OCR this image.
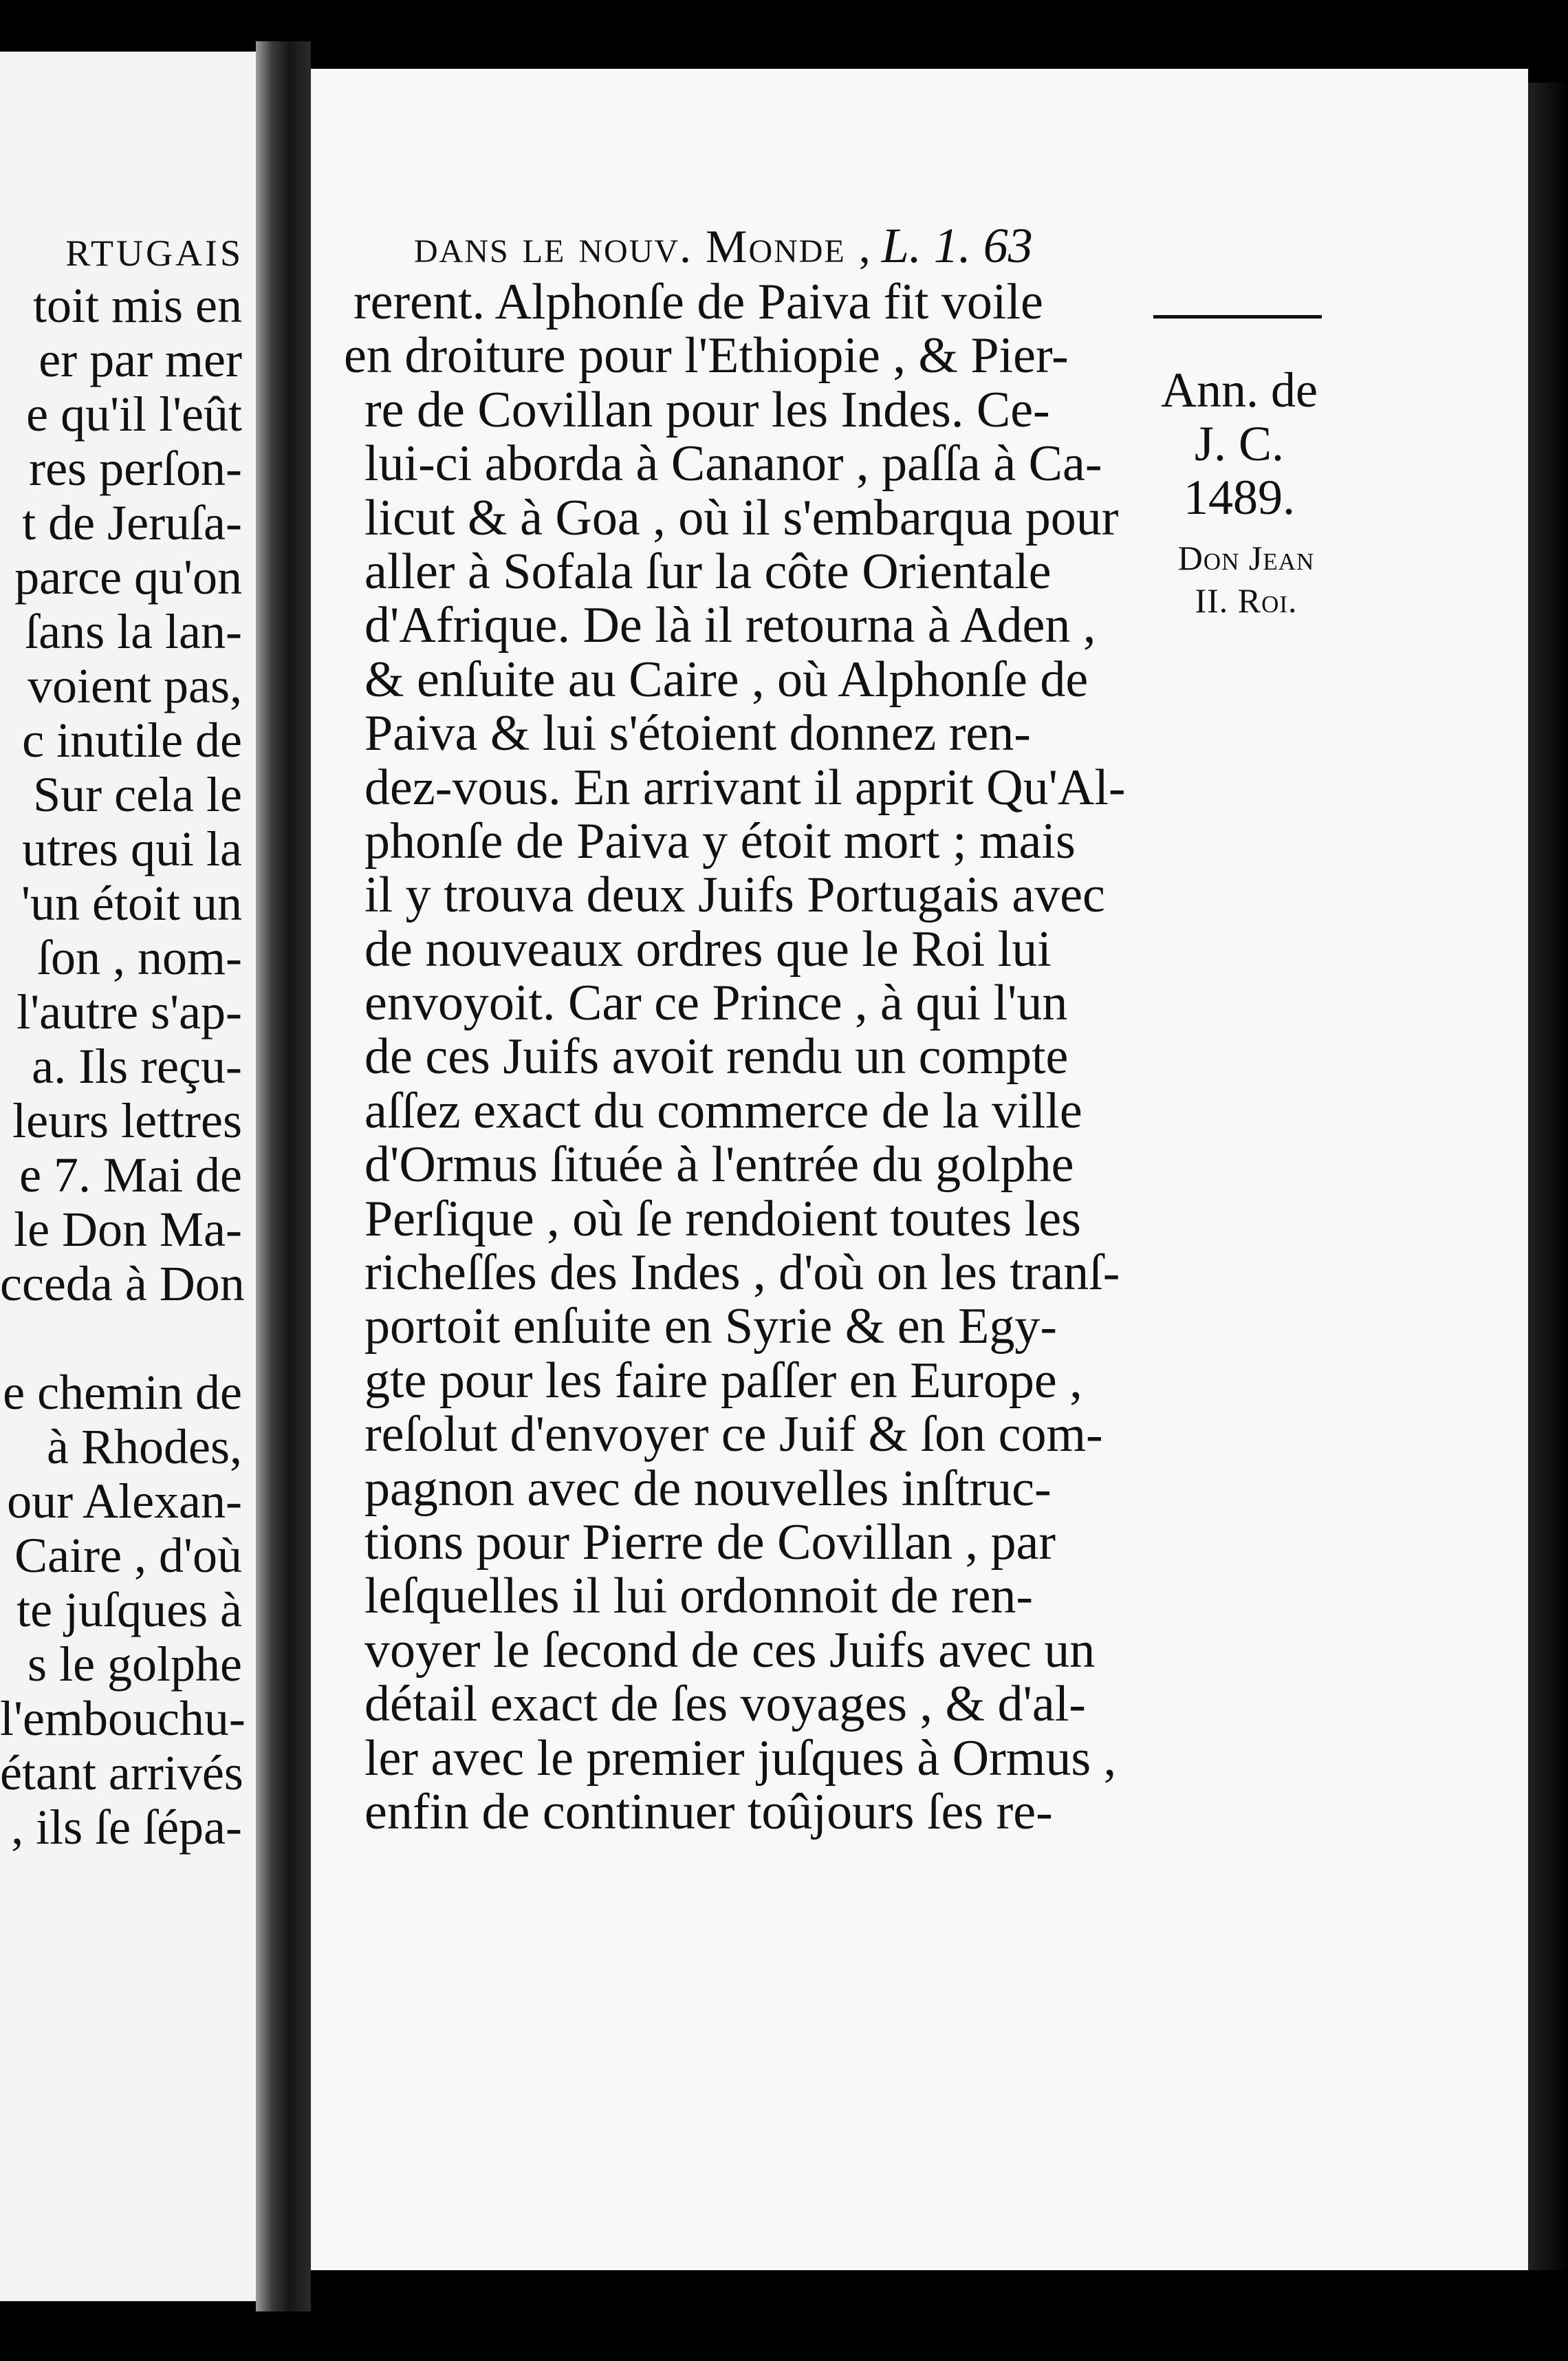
RTUGAIS
toit mis en
er par mer
e qu'il l'eût
res perſon-
t de Jeruſa-
parce qu'on
ſans la lan-
voient pas,
c inutile de
Sur cela le
utres qui la
'un étoit un
ſon , nom-
l'autre s'ap-
a. Ils reçu-
leurs lettres
e 7. Mai de
le Don Ma-
cceda à Don
e chemin de
à Rhodes,
our Alexan-
Caire , d'où
te juſques à
s le golphe
l'embouchu-
étant arrivés
, ils ſe ſépa-
dans le nouv. Monde , L. 1. 63
rerent. Alphonſe de Paiva fit voile
en droiture pour l'Ethiopie , & Pier-
re de Covillan pour les Indes. Ce-
lui-ci aborda à Cananor , paſſa à Ca-
licut & à Goa , où il s'embarqua pour
aller à Sofala ſur la côte Orientale
d'Afrique. De là il retourna à Aden ,
& enſuite au Caire , où Alphonſe de
Paiva & lui s'étoient donnez ren-
dez-vous. En arrivant il apprit Qu'Al-
phonſe de Paiva y étoit mort ; mais
il y trouva deux Juifs Portugais avec
de nouveaux ordres que le Roi lui
envoyoit. Car ce Prince , à qui l'un
de ces Juifs avoit rendu un compte
aſſez exact du commerce de la ville
d'Ormus ſituée à l'entrée du golphe
Perſique , où ſe rendoient toutes les
richeſſes des Indes , d'où on les tranſ-
portoit enſuite en Syrie & en Egy-
gte pour les faire paſſer en Europe ,
reſolut d'envoyer ce Juif & ſon com-
pagnon avec de nouvelles inſtruc-
tions pour Pierre de Covillan , par
leſquelles il lui ordonnoit de ren-
voyer le ſecond de ces Juifs avec un
détail exact de ſes voyages , & d'al-
ler avec le premier juſques à Ormus ,
enfin de continuer toûjours ſes re-
Ann. de
J. C.
1489.
Don Jean
II. Roi.
